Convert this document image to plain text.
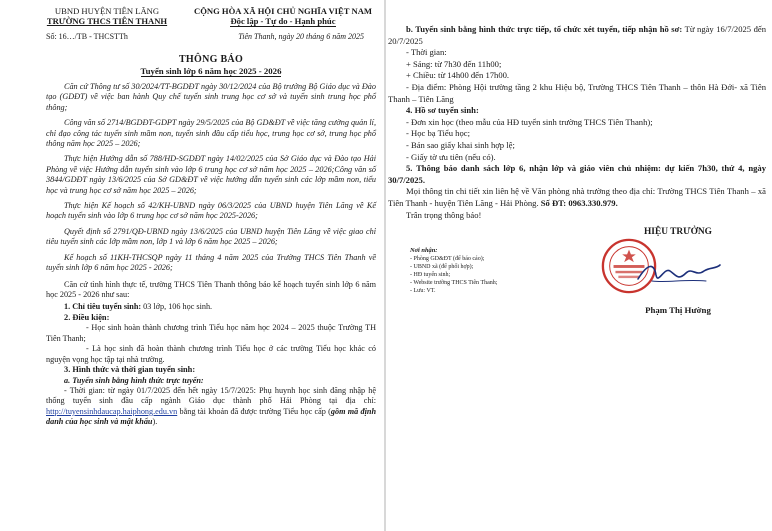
UBND HUYỆN TIÊN LÃNG
TRƯỜNG THCS TIÊN THANH
CỘNG HÒA XÃ HỘI CHỦ NGHĨA VIỆT NAM
Độc lập - Tự do - Hạnh phúc
Số: 16…/TB - THCSTTh	Tiên Thanh, ngày 20 tháng 6 năm 2025
THÔNG BÁO
Tuyển sinh lớp 6 năm học 2025 - 2026

Căn cứ Thông tư số 30/2024/TT-BGDĐT ngày 30/12/2024 của Bộ trưởng Bộ Giáo dục và Đào tạo (GDĐT) về việc ban hành Quy chế tuyển sinh trung học cơ sở và tuyển sinh trung học phổ thông;

Công văn số 2714/BGDĐT-GDPT ngày 29/5/2025 của Bộ GD&ĐT về việc tăng cường quản lí, chỉ đạo công tác tuyển sinh mầm non, tuyển sinh đầu cấp tiểu học, trung học cơ sở, trung học phổ thông năm học 2025 – 2026;

Thực hiện Hướng dẫn số 788/HD-SGDĐT ngày 14/02/2025 của Sở Giáo dục và Đào tạo Hải Phòng về việc Hướng dẫn tuyển sinh vào lớp 6 trung học cơ sở năm học 2025 – 2026;Công văn số 3844/GDĐT ngày 13/6/2025 của Sở GD&ĐT về việc hướng dẫn tuyển sinh các lớp mầm non, tiểu học và trung học cơ sở năm học 2025 – 2026;

Thực hiện Kế hoạch số 42/KH-UBND ngày 06/3/2025 của UBND huyện Tiên Lãng về Kế hoạch tuyển sinh vào lớp 6 trung học cơ sở năm học 2025-2026;

Quyết định số 2791/QĐ-UBND ngày 13/6/2025 của UBND huyện Tiên Lãng về việc giao chỉ tiêu tuyển sinh các lớp mầm non, lớp 1 và lớp 6 năm học 2025 – 2026;

Kế hoạch số 11KH-THCSQP ngày 11 tháng 4 năm 2025 của Trường THCS Tiên Thanh về tuyển sinh lớp 6 năm học 2025 - 2026;

Căn cứ tình hình thực tế, trường THCS Tiên Thanh thông báo kế hoạch tuyển sinh lớp 6 năm học 2025 - 2026 như sau:

1. Chỉ tiêu tuyển sinh: 03 lớp, 106 học sinh.

2. Điều kiện:

- Học sinh hoàn thành chương trình Tiểu học năm học 2024 – 2025 thuộc Trường TH Tiên Thanh;

- Là học sinh đã hoàn thành chương trình Tiểu học ở các trường Tiểu học khác có nguyện vọng học tập tại nhà trường.

3. Hình thức và thời gian tuyển sinh:

a. Tuyển sinh bằng hình thức trực tuyến:

- Thời gian: từ ngày 01/7/2025 đến hết ngày 15/7/2025: Phụ huynh học sinh đăng nhập hệ thống tuyển sinh đầu cấp ngành Giáo dục thành phố Hải Phòng tại địa chỉ: http://tuyensinhdaucap.haiphong.edu.vn bằng tài khoản đã được trường Tiểu học cấp (gồm mã định danh của học sinh và mật khẩu).

b. Tuyển sinh bằng hình thức trực tiếp, tổ chức xét tuyển, tiếp nhận hồ sơ: Từ ngày 16/7/2025 đến 20/7/2025

- Thời gian:

+ Sáng: từ 7h30 đến 11h00;

+ Chiều: từ 14h00 đến 17h00.

- Địa điểm: Phòng Hội trường tầng 2 khu Hiệu bộ, Trường THCS Tiên Thanh – thôn Hà Đới- xã Tiên Thanh – Tiên Lãng

4. Hồ sơ tuyển sinh:

- Đơn xin học (theo mẫu của HĐ tuyển sinh trường THCS Tiên Thanh);

- Học bạ Tiểu học;

- Bản sao giấy khai sinh hợp lệ;

- Giấy tờ ưu tiên (nếu có).

5. Thông báo danh sách lớp 6, nhận lớp và giáo viên chủ nhiệm: dự kiến 7h30, thứ 4, ngày 30/7/2025.

Mọi thông tin chi tiết xin liên hệ về Văn phòng nhà trường theo địa chỉ: Trường THCS Tiên Thanh – xã Tiên Thanh - huyện Tiên Lãng - Hải Phòng. Số ĐT: 0963.330.979.

Trân trọng thông báo!

Nơi nhận:
- Phòng GD&ĐT (để báo cáo);
- UBND xã (để phối hợp);
- HĐ tuyển sinh;
- Website trường THCS Tiên Thanh;
- Lưu: VT.
HIỆU TRƯỞNG
Phạm Thị Hường
